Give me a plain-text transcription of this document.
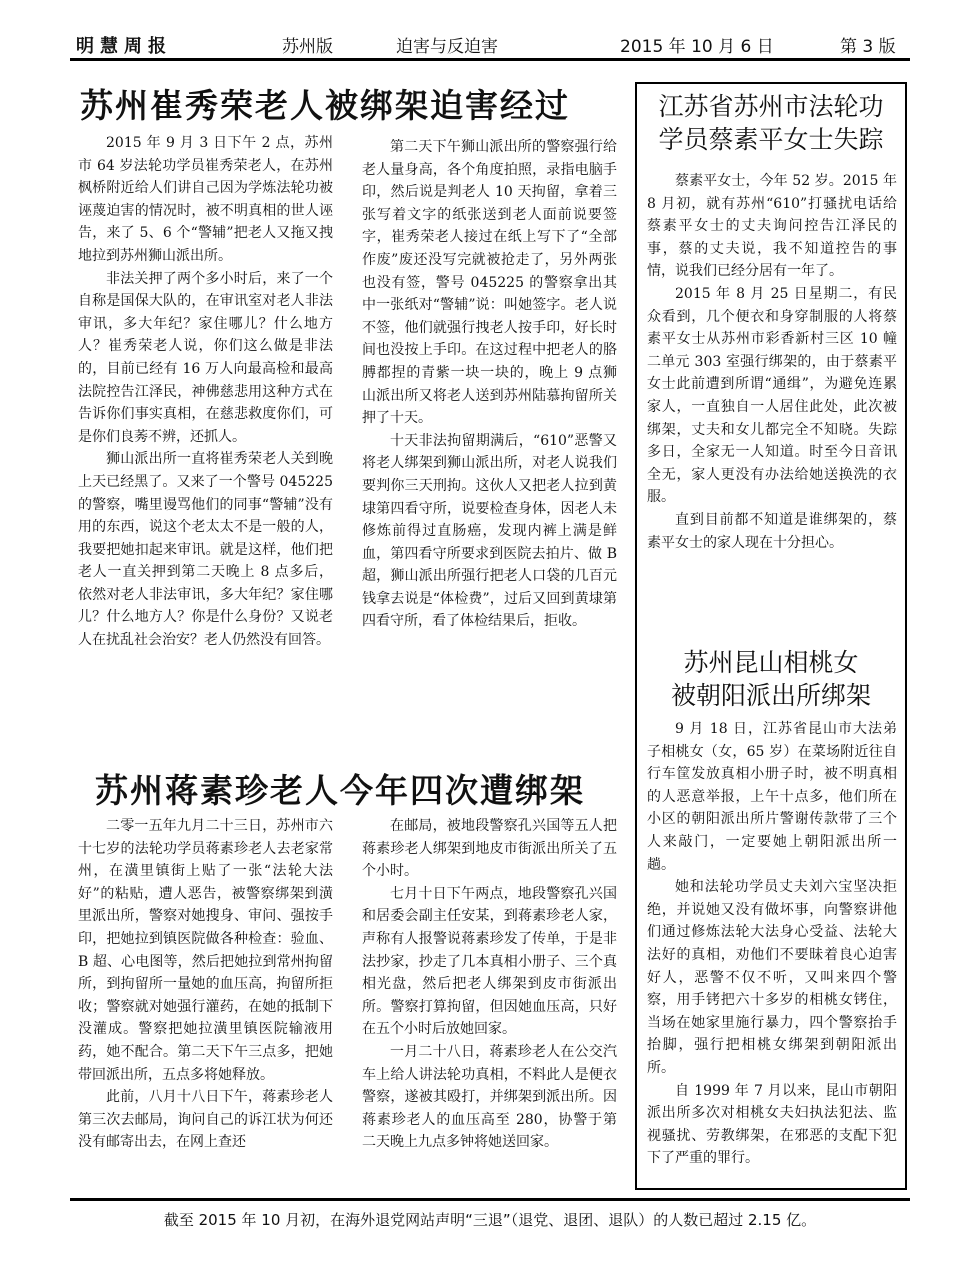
明慧周报	苏州版	迫害与反迫害	2015 年 10 月 6 日	第 3 版
苏州崔秀荣老人被绑架迫害经过

2015 年 9 月 3 日下午 2 点，苏州市 64 岁法轮功学员崔秀荣老人，在苏州枫桥附近给人们讲自己因为学炼法轮功被诬蔑迫害的情况时，被不明真相的世人诬告，来了 5、6 个“警辅”把老人又拖又拽地拉到苏州狮山派出所。

非法关押了两个多小时后，来了一个自称是国保大队的，在审讯室对老人非法审讯，多大年纪？家住哪儿？什么地方人？崔秀荣老人说，你们这么做是非法的，目前已经有 16 万人向最高检和最高法院控告江泽民，神佛慈悲用这种方式在告诉你们事实真相，在慈悲救度你们，可是你们良莠不辨，还抓人。

狮山派出所一直将崔秀荣老人关到晚上天已经黑了。又来了一个警号 045225 的警察，嘴里谩骂他们的同事“警辅”没有用的东西，说这个老太太不是一般的人，我要把她扣起来审讯。就是这样，他们把老人一直关押到第二天晚上 8 点多后，依然对老人非法审讯，多大年纪？家住哪儿？什么地方人？你是什么身份？又说老人在扰乱社会治安？老人仍然没有回答。

第二天下午狮山派出所的警察强行给老人量身高，各个角度拍照，录指电脑手印，然后说是判老人 10 天拘留，拿着三张写着文字的纸张送到老人面前说要签字，崔秀荣老人接过在纸上写下了“全部作废”废还没写完就被抢走了，另外两张也没有签，警号 045225 的警察拿出其中一张纸对“警辅”说：叫她签字。老人说不签，他们就强行拽老人按手印，好长时间也没按上手印。在这过程中把老人的胳膊都捏的青紫一块一块的，晚上 9 点狮山派出所又将老人送到苏州陆慕拘留所关押了十天。

十天非法拘留期满后，“610”恶警又将老人绑架到狮山派出所，对老人说我们要判你三天刑拘。这伙人又把老人拉到黄埭第四看守所，说要检查身体，因老人未修炼前得过直肠癌，发现内裤上满是鲜血，第四看守所要求到医院去拍片、做 B 超，狮山派出所强行把老人口袋的几百元钱拿去说是“体检费”，过后又回到黄埭第四看守所，看了体检结果后，拒收。

苏州蒋素珍老人今年四次遭绑架

二零一五年九月二十三日，苏州市六十七岁的法轮功学员蒋素珍老人去老家常州，在潢里镇街上贴了一张“法轮大法好”的粘贴，遭人恶告，被警察绑架到潢里派出所，警察对她搜身、审问、强按手印，把她拉到镇医院做各种检查：验血、B 超、心电图等，然后把她拉到常州拘留所，到拘留所一量她的血压高，拘留所拒收；警察就对她强行灌药，在她的抵制下没灌成。警察把她拉潢里镇医院输液用药，她不配合。第二天下午三点多，把她带回派出所，五点多将她释放。

此前，八月十八日下午，蒋素珍老人第三次去邮局，询问自己的诉江状为何还没有邮寄出去，在网上查还

在邮局，被地段警察孔兴国等五人把蒋素珍老人绑架到地皮市街派出所关了五个小时。

七月十日下午两点，地段警察孔兴国和居委会副主任安某，到蒋素珍老人家，声称有人报警说蒋素珍发了传单，于是非法抄家，抄走了几本真相小册子、三个真相光盘，然后把老人绑架到皮市街派出所。警察打算拘留，但因她血压高，只好在五个小时后放她回家。

一月二十八日，蒋素珍老人在公交汽车上给人讲法轮功真相，不料此人是便衣警察，遂被其殴打，并绑架到派出所。因蒋素珍老人的血压高至 280，协警于第二天晚上九点多钟将她送回家。

江苏省苏州市法轮功
学员蔡素平女士失踪

蔡素平女士，今年 52 岁。2015 年 8 月初，就有苏州“610”打骚扰电话给蔡素平女士的丈夫询问控告江泽民的事，蔡的丈夫说，我不知道控告的事情，说我们已经分居有一年了。

2015 年 8 月 25 日星期二，有民众看到，几个便衣和身穿制服的人将蔡素平女士从苏州市彩香新村三区 10 幢二单元 303 室强行绑架的，由于蔡素平女士此前遭到所谓“通缉”，为避免连累家人，一直独自一人居住此处，此次被绑架，丈夫和女儿都完全不知晓。失踪多日，全家无一人知道。时至今日音讯全无，家人更没有办法给她送换洗的衣服。

直到目前都不知道是谁绑架的，蔡素平女士的家人现在十分担心。

苏州昆山相桃女
被朝阳派出所绑架

9 月 18 日，江苏省昆山市大法弟子相桃女（女，65 岁）在菜场附近往自行车筐发放真相小册子时，被不明真相的人恶意举报，上午十点多，他们所在小区的朝阳派出所片警谢传款带了三个人来敲门，一定要她上朝阳派出所一趟。

她和法轮功学员丈夫刘六宝坚决拒绝，并说她又没有做坏事，向警察讲他们通过修炼法轮大法身心受益、法轮大法好的真相，劝他们不要昧着良心迫害好人，恶警不仅不听，又叫来四个警察，用手铐把六十多岁的相桃女铐住，当场在她家里施行暴力，四个警察抬手抬脚，强行把相桃女绑架到朝阳派出所。

自 1999 年 7 月以来，昆山市朝阳派出所多次对相桃女夫妇执法犯法、监视骚扰、劳教绑架，在邪恶的支配下犯下了严重的罪行。

截至 2015 年 10 月初，在海外退党网站声明“三退”（退党、退团、退队）的人数已超过 2.15 亿。
